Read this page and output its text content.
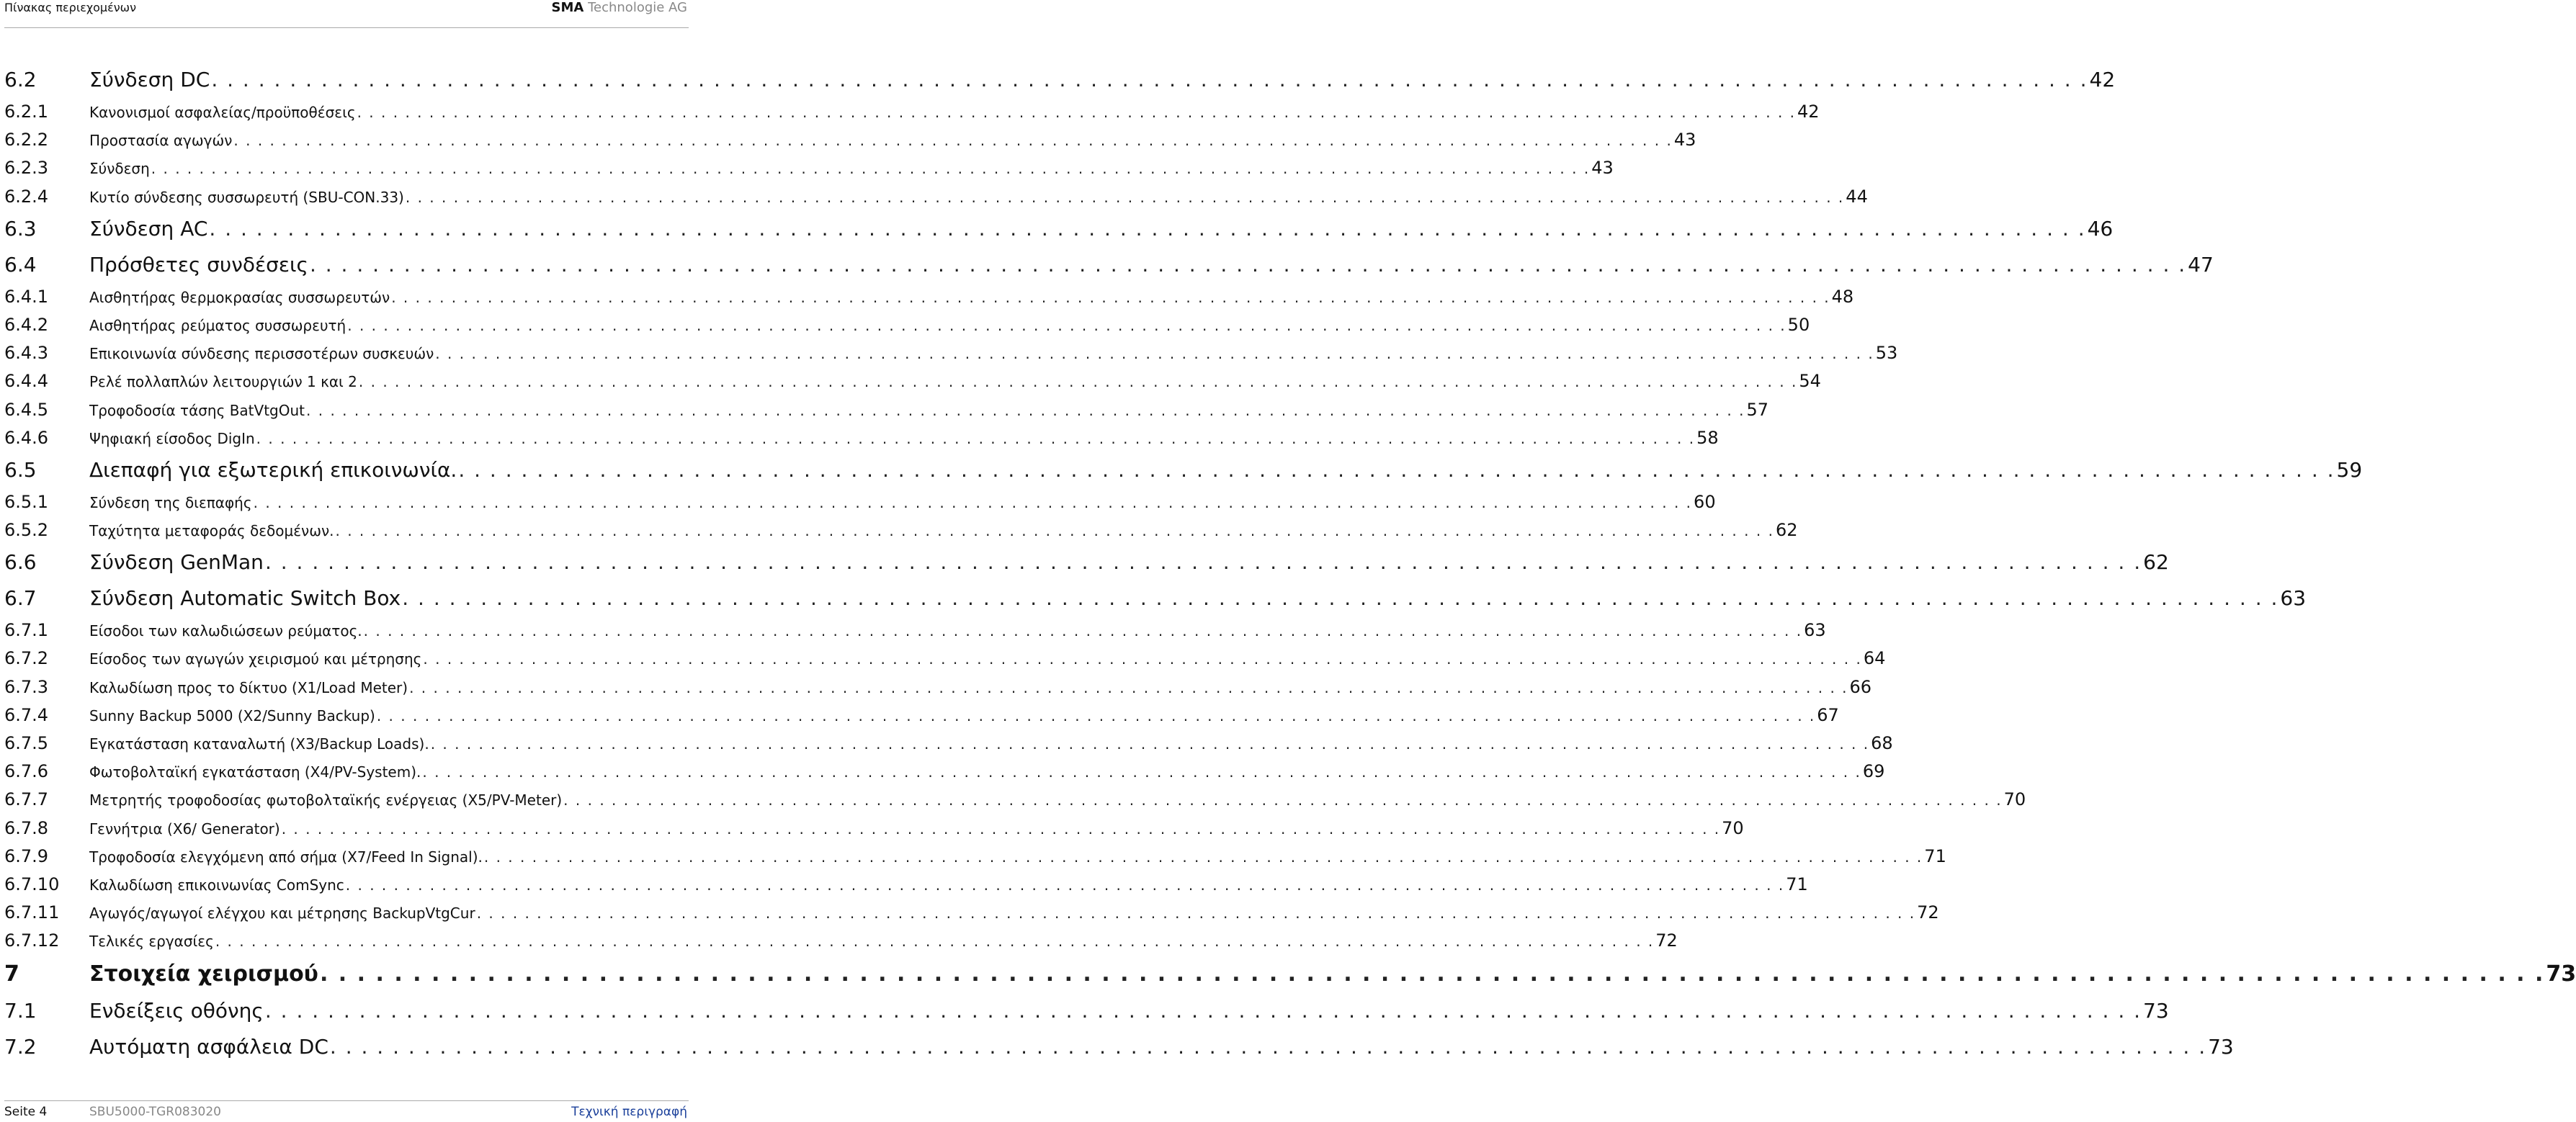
Πίνακας περιεχομένων	SMA Technologie AG
6.2	Σύνδεση DC . . . . . . . . . . . . . . . . . . . . . . . . . . . . . . . . . . . . . . . . . . . . . . . . . . . . . . . . . . . . . . . . . . . . . . . . . . . . . . . . . . . . . . . . . . . . . . . . . . . . . . . . . . . . . . . . . . . . . . . . 42
6.2.1	Κανονισμοί ασφαλείας/προϋποθέσεις . . . . . . . . . . . . . . . . . . . . . . . . . . . . . . . . . . . . . . . . . . . . . . . . . . . . . . . . . . . . . . . . . . . . . . . . . . . . . . . . . . . . . . . . . . . . . . . . . . . . . . . . . . . . . . . . . . . . . . . . 42
6.2.2	Προστασία αγωγών . . . . . . . . . . . . . . . . . . . . . . . . . . . . . . . . . . . . . . . . . . . . . . . . . . . . . . . . . . . . . . . . . . . . . . . . . . . . . . . . . . . . . . . . . . . . . . . . . . . . . . . . . . . . . . . . . . . . . . . . 43
6.2.3	Σύνδεση . . . . . . . . . . . . . . . . . . . . . . . . . . . . . . . . . . . . . . . . . . . . . . . . . . . . . . . . . . . . . . . . . . . . . . . . . . . . . . . . . . . . . . . . . . . . . . . . . . . . . . . . . . . . . . . . . . . . . . . . 43
6.2.4	Κυτίο σύνδεσης συσσωρευτή (SBU-CON.33) . . . . . . . . . . . . . . . . . . . . . . . . . . . . . . . . . . . . . . . . . . . . . . . . . . . . . . . . . . . . . . . . . . . . . . . . . . . . . . . . . . . . . . . . . . . . . . . . . . . . . . . . . . . . . . . . . . . . . . . . 44
6.3	Σύνδεση AC . . . . . . . . . . . . . . . . . . . . . . . . . . . . . . . . . . . . . . . . . . . . . . . . . . . . . . . . . . . . . . . . . . . . . . . . . . . . . . . . . . . . . . . . . . . . . . . . . . . . . . . . . . . . . . . . . . . . . . . . 46
6.4	Πρόσθετες συνδέσεις . . . . . . . . . . . . . . . . . . . . . . . . . . . . . . . . . . . . . . . . . . . . . . . . . . . . . . . . . . . . . . . . . . . . . . . . . . . . . . . . . . . . . . . . . . . . . . . . . . . . . . . . . . . . . . . . . . . . . . . . 47
6.4.1	Αισθητήρας θερμοκρασίας συσσωρευτών . . . . . . . . . . . . . . . . . . . . . . . . . . . . . . . . . . . . . . . . . . . . . . . . . . . . . . . . . . . . . . . . . . . . . . . . . . . . . . . . . . . . . . . . . . . . . . . . . . . . . . . . . . . . . . . . . . . . . . . . 48
6.4.2	Αισθητήρας ρεύματος συσσωρευτή . . . . . . . . . . . . . . . . . . . . . . . . . . . . . . . . . . . . . . . . . . . . . . . . . . . . . . . . . . . . . . . . . . . . . . . . . . . . . . . . . . . . . . . . . . . . . . . . . . . . . . . . . . . . . . . . . . . . . . . . 50
6.4.3	Επικοινωνία σύνδεσης περισσοτέρων συσκευών . . . . . . . . . . . . . . . . . . . . . . . . . . . . . . . . . . . . . . . . . . . . . . . . . . . . . . . . . . . . . . . . . . . . . . . . . . . . . . . . . . . . . . . . . . . . . . . . . . . . . . . . . . . . . . . . . . . . . . . . 53
6.4.4	Ρελέ πολλαπλών λειτουργιών 1 και 2 . . . . . . . . . . . . . . . . . . . . . . . . . . . . . . . . . . . . . . . . . . . . . . . . . . . . . . . . . . . . . . . . . . . . . . . . . . . . . . . . . . . . . . . . . . . . . . . . . . . . . . . . . . . . . . . . . . . . . . . . 54
6.4.5	Τροφοδοσία τάσης BatVtgOut . . . . . . . . . . . . . . . . . . . . . . . . . . . . . . . . . . . . . . . . . . . . . . . . . . . . . . . . . . . . . . . . . . . . . . . . . . . . . . . . . . . . . . . . . . . . . . . . . . . . . . . . . . . . . . . . . . . . . . . . 57
6.4.6	Ψηφιακή είσοδος DigIn . . . . . . . . . . . . . . . . . . . . . . . . . . . . . . . . . . . . . . . . . . . . . . . . . . . . . . . . . . . . . . . . . . . . . . . . . . . . . . . . . . . . . . . . . . . . . . . . . . . . . . . . . . . . . . . . . . . . . . . . 58
6.5	Διεπαφή για εξωτερική επικοινωνία. . . . . . . . . . . . . . . . . . . . . . . . . . . . . . . . . . . . . . . . . . . . . . . . . . . . . . . . . . . . . . . . . . . . . . . . . . . . . . . . . . . . . . . . . . . . . . . . . . . . . . . . . . . . . . . . . . . . . . . . . 59
6.5.1	Σύνδεση της διεπαφής . . . . . . . . . . . . . . . . . . . . . . . . . . . . . . . . . . . . . . . . . . . . . . . . . . . . . . . . . . . . . . . . . . . . . . . . . . . . . . . . . . . . . . . . . . . . . . . . . . . . . . . . . . . . . . . . . . . . . . . . 60
6.5.2	Ταχύτητα μεταφοράς δεδομένων. . . . . . . . . . . . . . . . . . . . . . . . . . . . . . . . . . . . . . . . . . . . . . . . . . . . . . . . . . . . . . . . . . . . . . . . . . . . . . . . . . . . . . . . . . . . . . . . . . . . . . . . . . . . . . . . . . . . . . . . . 62
6.6	Σύνδεση GenMan . . . . . . . . . . . . . . . . . . . . . . . . . . . . . . . . . . . . . . . . . . . . . . . . . . . . . . . . . . . . . . . . . . . . . . . . . . . . . . . . . . . . . . . . . . . . . . . . . . . . . . . . . . . . . . . . . . . . . . . . 62
6.7	Σύνδεση Automatic Switch Box . . . . . . . . . . . . . . . . . . . . . . . . . . . . . . . . . . . . . . . . . . . . . . . . . . . . . . . . . . . . . . . . . . . . . . . . . . . . . . . . . . . . . . . . . . . . . . . . . . . . . . . . . . . . . . . . . . . . . . . . 63
6.7.1	Είσοδοι των καλωδιώσεων ρεύματος. . . . . . . . . . . . . . . . . . . . . . . . . . . . . . . . . . . . . . . . . . . . . . . . . . . . . . . . . . . . . . . . . . . . . . . . . . . . . . . . . . . . . . . . . . . . . . . . . . . . . . . . . . . . . . . . . . . . . . . . . 63
6.7.2	Είσοδος των αγωγών χειρισμού και μέτρησης . . . . . . . . . . . . . . . . . . . . . . . . . . . . . . . . . . . . . . . . . . . . . . . . . . . . . . . . . . . . . . . . . . . . . . . . . . . . . . . . . . . . . . . . . . . . . . . . . . . . . . . . . . . . . . . . . . . . . . . . 64
6.7.3	Καλωδίωση προς το δίκτυο (X1/Load Meter) . . . . . . . . . . . . . . . . . . . . . . . . . . . . . . . . . . . . . . . . . . . . . . . . . . . . . . . . . . . . . . . . . . . . . . . . . . . . . . . . . . . . . . . . . . . . . . . . . . . . . . . . . . . . . . . . . . . . . . . . 66
6.7.4	Sunny Backup 5000 (X2/Sunny Backup) . . . . . . . . . . . . . . . . . . . . . . . . . . . . . . . . . . . . . . . . . . . . . . . . . . . . . . . . . . . . . . . . . . . . . . . . . . . . . . . . . . . . . . . . . . . . . . . . . . . . . . . . . . . . . . . . . . . . . . . . 67
6.7.5	Εγκατάσταση καταναλωτή (X3/Backup Loads). . . . . . . . . . . . . . . . . . . . . . . . . . . . . . . . . . . . . . . . . . . . . . . . . . . . . . . . . . . . . . . . . . . . . . . . . . . . . . . . . . . . . . . . . . . . . . . . . . . . . . . . . . . . . . . . . . . . . . . . . 68
6.7.6	Φωτοβολταϊκή εγκατάσταση (X4/PV-System). . . . . . . . . . . . . . . . . . . . . . . . . . . . . . . . . . . . . . . . . . . . . . . . . . . . . . . . . . . . . . . . . . . . . . . . . . . . . . . . . . . . . . . . . . . . . . . . . . . . . . . . . . . . . . . . . . . . . . . . . 69
6.7.7	Μετρητής τροφοδοσίας φωτοβολταϊκής ενέργειας (X5/PV-Meter) . . . . . . . . . . . . . . . . . . . . . . . . . . . . . . . . . . . . . . . . . . . . . . . . . . . . . . . . . . . . . . . . . . . . . . . . . . . . . . . . . . . . . . . . . . . . . . . . . . . . . . . . . . . . . . . . . . . . . . . . 70
6.7.8	Γεννήτρια (X6/ Generator) . . . . . . . . . . . . . . . . . . . . . . . . . . . . . . . . . . . . . . . . . . . . . . . . . . . . . . . . . . . . . . . . . . . . . . . . . . . . . . . . . . . . . . . . . . . . . . . . . . . . . . . . . . . . . . . . . . . . . . . . 70
6.7.9	Τροφοδοσία ελεγχόμενη από σήμα (X7/Feed In Signal). . . . . . . . . . . . . . . . . . . . . . . . . . . . . . . . . . . . . . . . . . . . . . . . . . . . . . . . . . . . . . . . . . . . . . . . . . . . . . . . . . . . . . . . . . . . . . . . . . . . . . . . . . . . . . . . . . . . . . . . . 71
6.7.10	Καλωδίωση επικοινωνίας ComSync . . . . . . . . . . . . . . . . . . . . . . . . . . . . . . . . . . . . . . . . . . . . . . . . . . . . . . . . . . . . . . . . . . . . . . . . . . . . . . . . . . . . . . . . . . . . . . . . . . . . . . . . . . . . . . . . . . . . . . . . 71
6.7.11	Αγωγός/αγωγοί ελέγχου και μέτρησης BackupVtgCur . . . . . . . . . . . . . . . . . . . . . . . . . . . . . . . . . . . . . . . . . . . . . . . . . . . . . . . . . . . . . . . . . . . . . . . . . . . . . . . . . . . . . . . . . . . . . . . . . . . . . . . . . . . . . . . . . . . . . . . . 72
6.7.12	Τελικές εργασίες . . . . . . . . . . . . . . . . . . . . . . . . . . . . . . . . . . . . . . . . . . . . . . . . . . . . . . . . . . . . . . . . . . . . . . . . . . . . . . . . . . . . . . . . . . . . . . . . . . . . . . . . . . . . . . . . . . . . . . . . 72
7	Στοιχεία χειρισμού . . . . . . . . . . . . . . . . . . . . . . . . . . . . . . . . . . . . . . . . . . . . . . . . . . . . . . . . . . . . . . . . . . . . . . . . . . . . . . . . . . . . . . . . . . . . . . . . . . . . . . . . . . . . . . . . . . . . . . . . 73
7.1	Ενδείξεις οθόνης . . . . . . . . . . . . . . . . . . . . . . . . . . . . . . . . . . . . . . . . . . . . . . . . . . . . . . . . . . . . . . . . . . . . . . . . . . . . . . . . . . . . . . . . . . . . . . . . . . . . . . . . . . . . . . . . . . . . . . . . 73
7.2	Αυτόματη ασφάλεια DC . . . . . . . . . . . . . . . . . . . . . . . . . . . . . . . . . . . . . . . . . . . . . . . . . . . . . . . . . . . . . . . . . . . . . . . . . . . . . . . . . . . . . . . . . . . . . . . . . . . . . . . . . . . . . . . . . . . . . . . . 73
Seite 4	SBU5000-TGR083020	Τεχνική περιγραφή
